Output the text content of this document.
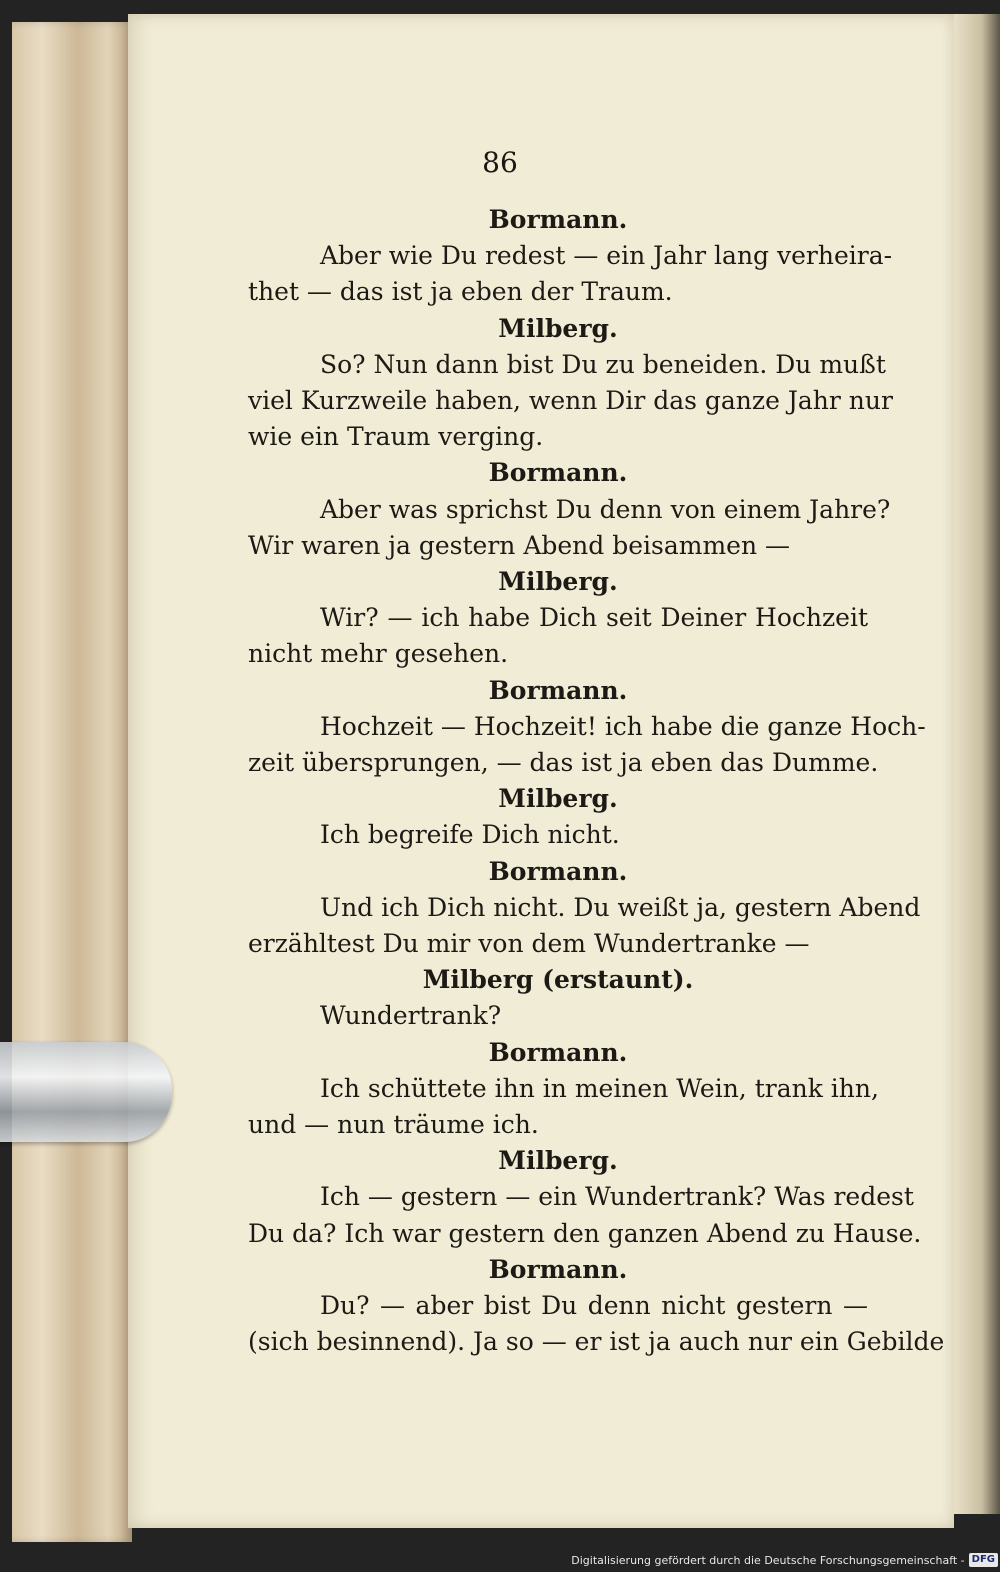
86
Bormann.
Aber wie Du redest — ein Jahr lang verheira-
thet — das ist ja eben der Traum.
Milberg.
So? Nun dann bist Du zu beneiden. Du mußt
viel Kurzweile haben, wenn Dir das ganze Jahr nur
wie ein Traum verging.
Bormann.
Aber was sprichst Du denn von einem Jahre?
Wir waren ja gestern Abend beisammen —
Milberg.
Wir? — ich habe Dich seit Deiner Hochzeit
nicht mehr gesehen.
Bormann.
Hochzeit — Hochzeit! ich habe die ganze Hoch-
zeit übersprungen, — das ist ja eben das Dumme.
Milberg.
Ich begreife Dich nicht.
Bormann.
Und ich Dich nicht. Du weißt ja, gestern Abend
erzähltest Du mir von dem Wundertranke —
Milberg (erstaunt).
Wundertrank?
Bormann.
Ich schüttete ihn in meinen Wein, trank ihn,
und — nun träume ich.
Milberg.
Ich — gestern — ein Wundertrank? Was redest
Du da? Ich war gestern den ganzen Abend zu Hause.
Bormann.
Du? — aber bist Du denn nicht gestern —
(sich besinnend). Ja so — er ist ja auch nur ein Gebilde
Digitalisierung gefördert durch die Deutsche Forschungsgemeinschaft - DFG
